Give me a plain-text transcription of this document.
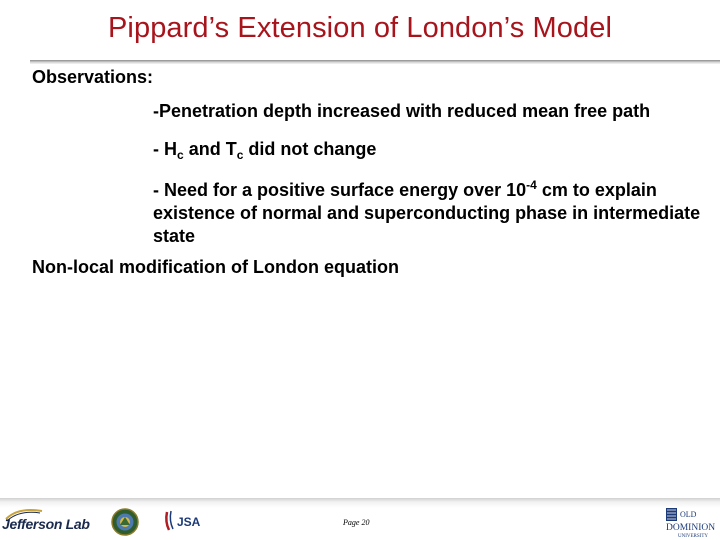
Pippard’s Extension of London’s Model
Observations:
-Penetration depth increased with reduced mean free path
- $H_c$ and $T_c$ did not change
- Need for a positive surface energy over $10^{-4}$ cm to explain existence of normal and superconducting phase in intermediate state
Non-local modification of London equation
Jefferson Lab	JSA	Page 20
OLD
DOMINION
UNIVERSITY
